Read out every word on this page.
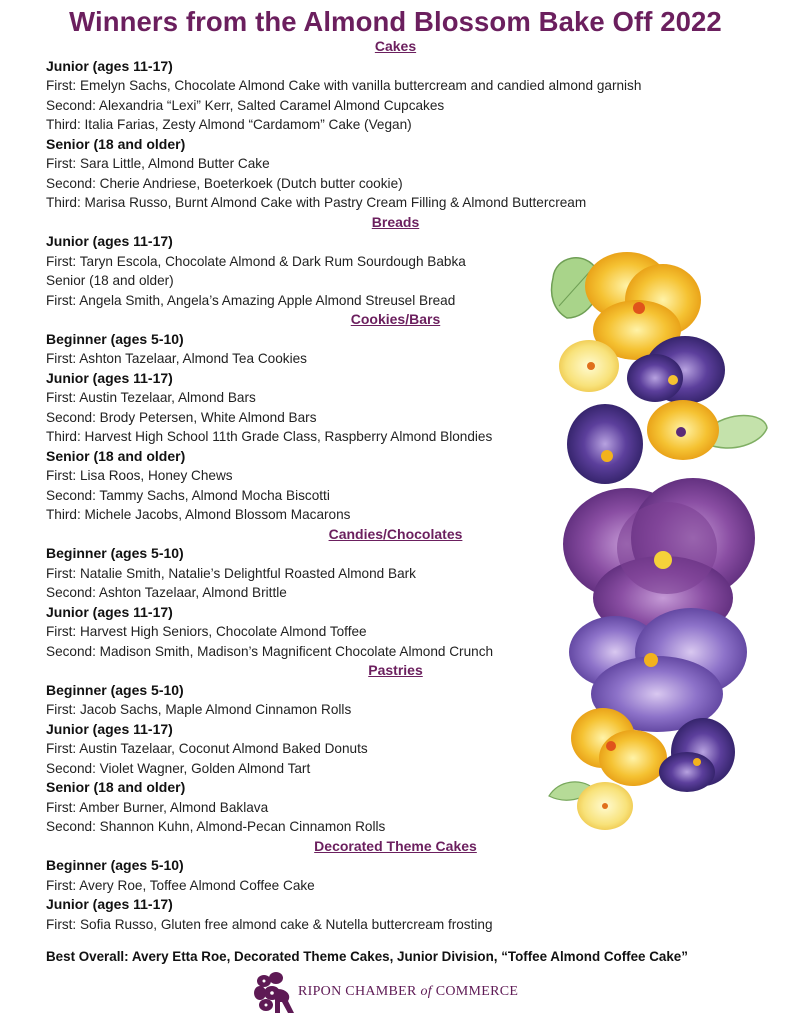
Winners from the Almond Blossom Bake Off 2022
Cakes
Junior (ages 11-17)
First: Emelyn Sachs, Chocolate Almond Cake with vanilla buttercream and candied almond garnish
Second: Alexandria “Lexi” Kerr, Salted Caramel Almond Cupcakes
Third: Italia Farias, Zesty Almond “Cardamom” Cake (Vegan)
Senior (18 and older)
First: Sara Little, Almond Butter Cake
Second: Cherie Andriese, Boeterkoek (Dutch butter cookie)
Third: Marisa Russo, Burnt Almond Cake with Pastry Cream Filling & Almond Buttercream
Breads
Junior (ages 11-17)
First: Taryn Escola, Chocolate Almond & Dark Rum Sourdough Babka
Senior (18 and older)
First: Angela Smith, Angela’s Amazing Apple Almond Streusel Bread
Cookies/Bars
Beginner (ages 5-10)
First: Ashton Tazelaar, Almond Tea Cookies
Junior (ages 11-17)
First: Austin Tezelaar, Almond Bars
Second: Brody Petersen, White Almond Bars
Third: Harvest High School 11th Grade Class, Raspberry Almond Blondies
Senior (18 and older)
First: Lisa Roos, Honey Chews
Second: Tammy Sachs, Almond Mocha Biscotti
Third: Michele Jacobs, Almond Blossom Macarons
Candies/Chocolates
Beginner (ages 5-10)
First: Natalie Smith, Natalie’s Delightful Roasted Almond Bark
Second: Ashton Tazelaar, Almond Brittle
Junior (ages 11-17)
First: Harvest High Seniors, Chocolate Almond Toffee
Second: Madison Smith, Madison’s Magnificent Chocolate Almond Crunch
Pastries
Beginner (ages 5-10)
First: Jacob Sachs, Maple Almond Cinnamon Rolls
Junior (ages 11-17)
First: Austin Tazelaar, Coconut Almond Baked Donuts
Second: Violet Wagner, Golden Almond Tart
Senior (18 and older)
First: Amber Burner, Almond Baklava
Second: Shannon Kuhn, Almond-Pecan Cinnamon Rolls
Decorated Theme Cakes
Beginner (ages 5-10)
First: Avery Roe, Toffee Almond Coffee Cake
Junior (ages 11-17)
First: Sofia Russo, Gluten free almond cake & Nutella buttercream frosting

Best Overall: Avery Etta Roe, Decorated Theme Cakes, Junior Division, “Toffee Almond Coffee Cake”

RIPON CHAMBER of COMMERCE
